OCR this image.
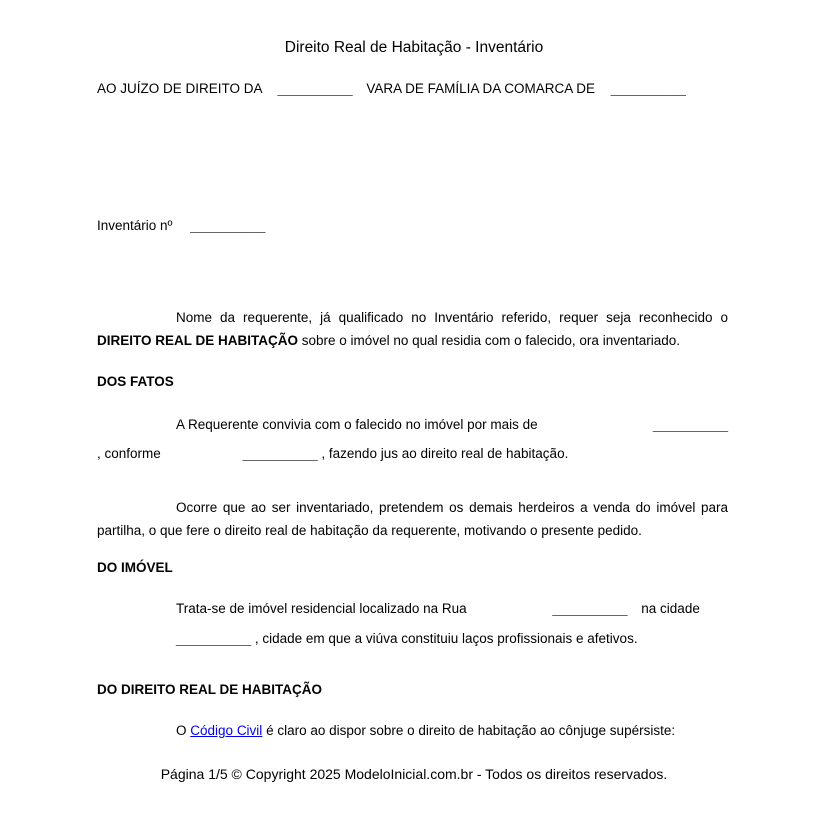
Direito Real de Habitação - Inventário
AO JUÍZO DE DIREITO DA __________ VARA DE FAMÍLIA DA COMARCA DE __________
Inventário nº __________
Nome da requerente, já qualificado no Inventário referido, requer seja reconhecido o DIREITO REAL DE HABITAÇÃO sobre o imóvel no qual residia com o falecido, ora inventariado.
DOS FATOS
A Requerente convivia com o falecido no imóvel por mais de	__________
, conforme	__________ , fazendo jus ao direito real de habitação.
Ocorre que ao ser inventariado, pretendem os demais herdeiros a venda do imóvel para partilha, o que fere o direito real de habitação da requerente, motivando o presente pedido.
DO IMÓVEL
Trata-se de imóvel residencial localizado na Rua	__________ na cidade
__________ , cidade em que a viúva constituiu laços profissionais e afetivos.
DO DIREITO REAL DE HABITAÇÃO
O Código Civil é claro ao dispor sobre o direito de habitação ao cônjuge supérsiste:
Página 1/5 © Copyright 2025 ModeloInicial.com.br - Todos os direitos reservados.
